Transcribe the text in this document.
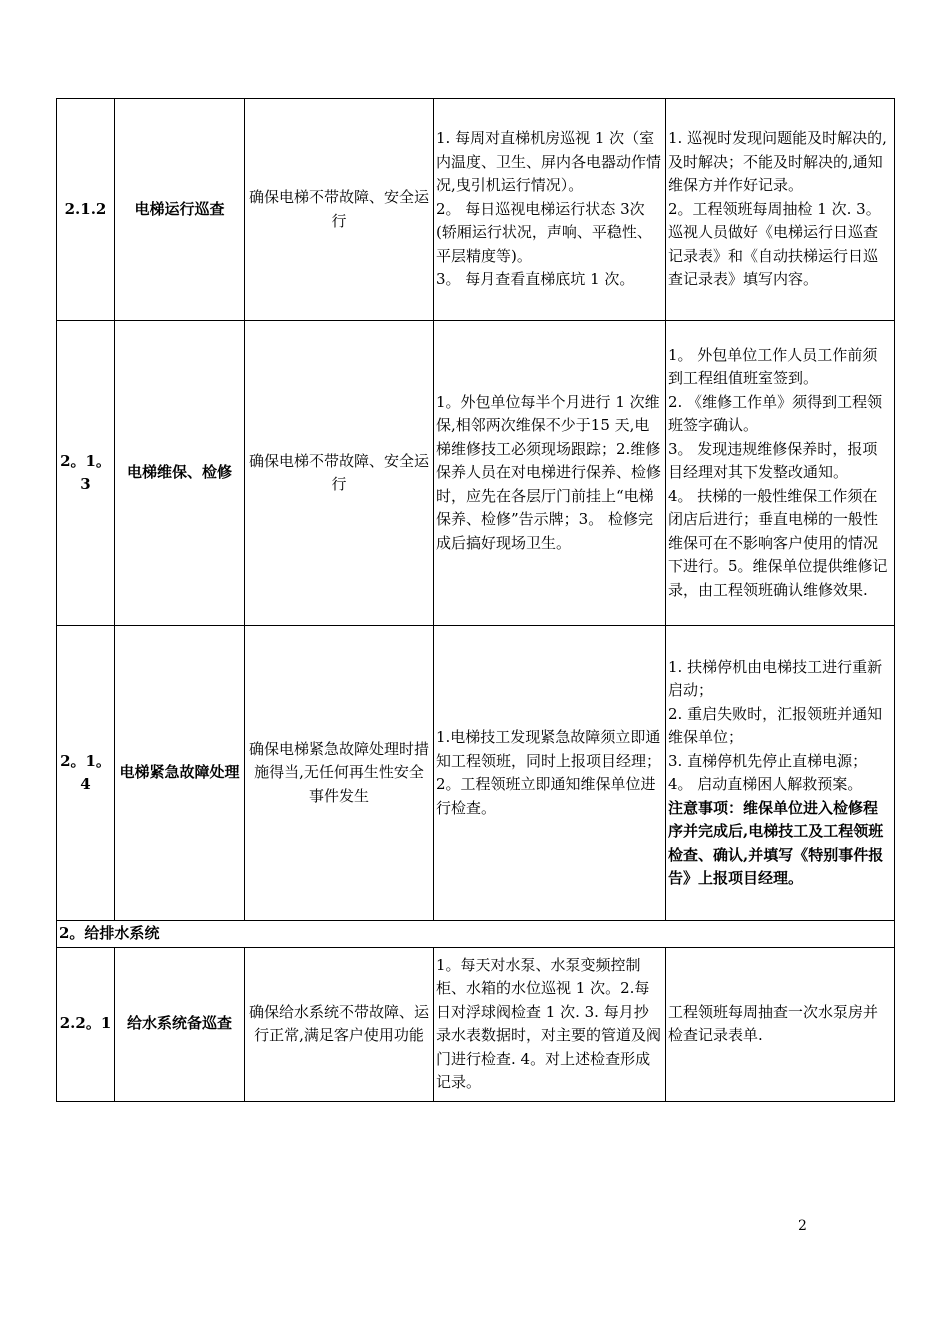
2.1.2	电梯运行巡查	确保电梯不带故障、安全运行	1. 每周对直梯机房巡视 1 次（室内温度、卫生、屏内各电器动作情况,曳引机运行情况）。
2。 每日巡视电梯运行状态 3次(轿厢运行状况，声响、平稳性、平层精度等)。
3。 每月查看直梯底坑 1 次。	1. 巡视时发现问题能及时解决的,及时解决；不能及时解决的,通知维保方并作好记录。
2。工程领班每周抽检 1 次. 3。巡视人员做好《电梯运行日巡查记录表》和《自动扶梯运行日巡查记录表》填写内容。

2。1。3	电梯维保、检修	确保电梯不带故障、安全运行	1。外包单位每半个月进行 1 次维保,相邻两次维保不少于15 天,电梯维修技工必须现场跟踪；2.维修保养人员在对电梯进行保养、检修时，应先在各层厅门前挂上“电梯保养、检修”告示牌；3。 检修完成后搞好现场卫生。	1。 外包单位工作人员工作前须到工程组值班室签到。
2. 《维修工作单》须得到工程领班签字确认。
3。 发现违规维修保养时，报项目经理对其下发整改通知。
4。 扶梯的一般性维保工作须在闭店后进行；垂直电梯的一般性维保可在不影响客户使用的情况下进行。5。维保单位提供维修记录，由工程领班确认维修效果.

2。1。4	电梯紧急故障处理	确保电梯紧急故障处理时措施得当,无任何再生性安全事件发生	1.电梯技工发现紧急故障须立即通知工程领班，同时上报项目经理；2。工程领班立即通知维保单位进行检查。	1. 扶梯停机由电梯技工进行重新启动；
2. 重启失败时，汇报领班并通知维保单位；
3. 直梯停机先停止直梯电源；
4。 启动直梯困人解救预案。
注意事项：维保单位进入检修程序并完成后,电梯技工及工程领班检查、确认,并填写《特别事件报告》上报项目经理。

2。给排水系统				
2.2。1	给水系统备巡查	确保给水系统不带故障、运行正常,满足客户使用功能	1。每天对水泵、水泵变频控制柜、水箱的水位巡视 1 次。2.每日对浮球阀检查 1 次. 3. 每月抄录水表数据时，对主要的管道及阀门进行检查. 4。对上述检查形成记录。	工程领班每周抽查一次水泵房并检查记录表单.
2
